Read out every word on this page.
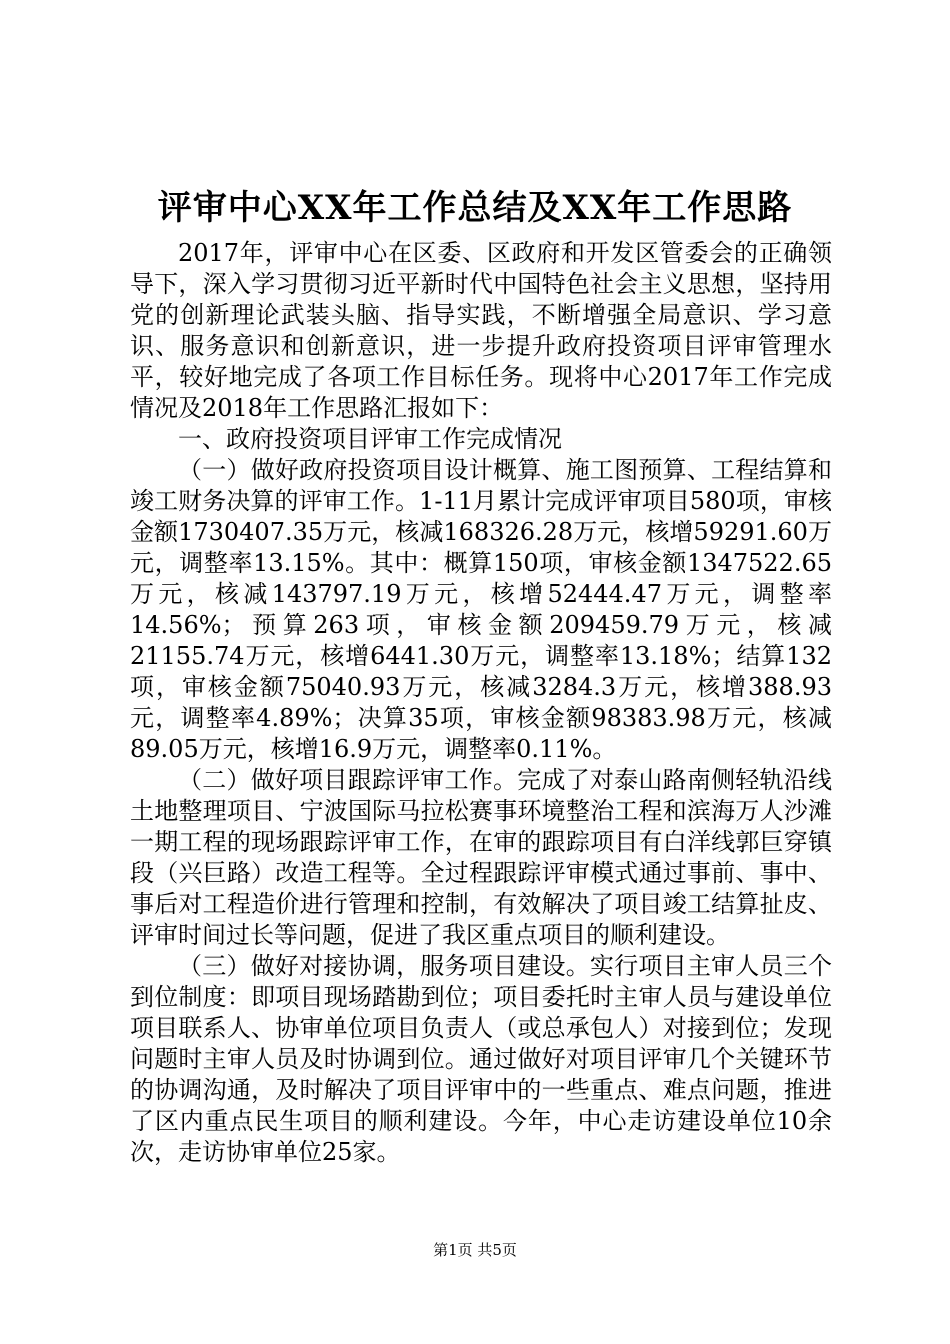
评审中心XX年工作总结及XX年工作思路

2017年，评审中心在区委、区政府和开发区管委会的正确领导下，深入学习贯彻习近平新时代中国特色社会主义思想，坚持用党的创新理论武装头脑、指导实践，不断增强全局意识、学习意识、服务意识和创新意识，进一步提升政府投资项目评审管理水平，较好地完成了各项工作目标任务。现将中心2017年工作完成情况及2018年工作思路汇报如下：

一、政府投资项目评审工作完成情况

（一）做好政府投资项目设计概算、施工图预算、工程结算和竣工财务决算的评审工作。1-11月累计完成评审项目580项，审核金额1730407.35万元，核减168326.28万元，核增59291.60万元，调整率13.15%。其中：概算150项，审核金额1347522.65万元，核减143797.19万元，核增52444.47万元，调整率14.56%；预算263项，审核金额209459.79万元，核减21155.74万元，核增6441.30万元，调整率13.18%；结算132项，审核金额75040.93万元，核减3284.3万元，核增388.93元，调整率4.89%；决算35项，审核金额98383.98万元，核减89.05万元，核增16.9万元，调整率0.11%。

（二）做好项目跟踪评审工作。完成了对泰山路南侧轻轨沿线土地整理项目、宁波国际马拉松赛事环境整治工程和滨海万人沙滩一期工程的现场跟踪评审工作，在审的跟踪项目有白洋线郭巨穿镇段（兴巨路）改造工程等。全过程跟踪评审模式通过事前、事中、事后对工程造价进行管理和控制，有效解决了项目竣工结算扯皮、评审时间过长等问题，促进了我区重点项目的顺利建设。

（三）做好对接协调，服务项目建设。实行项目主审人员三个到位制度：即项目现场踏勘到位；项目委托时主审人员与建设单位项目联系人、协审单位项目负责人（或总承包人）对接到位；发现问题时主审人员及时协调到位。通过做好对项目评审几个关键环节的协调沟通，及时解决了项目评审中的一些重点、难点问题，推进了区内重点民生项目的顺利建设。今年，中心走访建设单位10余次，走访协审单位25家。

第1页 共5页
